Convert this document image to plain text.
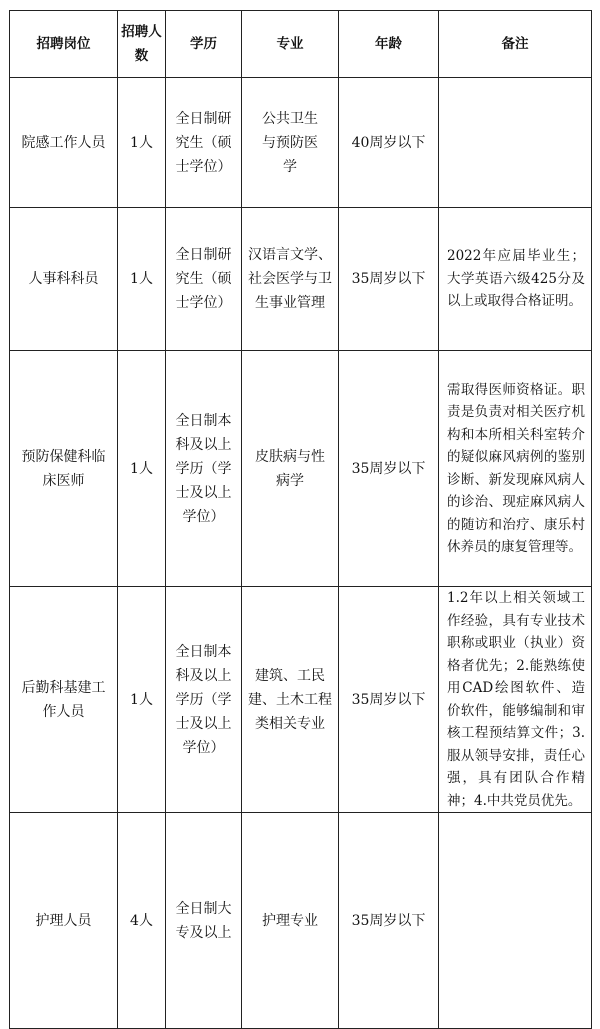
招聘岗位	招聘人数	学历	专业	年龄	备注
院感工作人员	1人	全日制研究生（硕士学位）	公共卫生与预防医学	40周岁以下	
人事科科员	1人	全日制研究生（硕士学位）	汉语言文学、社会医学与卫生事业管理	35周岁以下	2022年应届毕业生；大学英语六级425分及以上或取得合格证明。
预防保健科临床医师	1人	全日制本科及以上学历（学士及以上学位）	皮肤病与性病学	35周岁以下	需取得医师资格证。职责是负责对相关医疗机构和本所相关科室转介的疑似麻风病例的鉴别诊断、新发现麻风病人的诊治、现症麻风病人的随访和治疗、康乐村休养员的康复管理等。
后勤科基建工作人员	1人	全日制本科及以上学历（学士及以上学位）	建筑、工民建、土木工程类相关专业	35周岁以下	1.2年以上相关领域工作经验，具有专业技术职称或职业（执业）资格者优先；2.能熟练使用CAD绘图软件、造价软件，能够编制和审核工程预结算文件；3.服从领导安排，责任心强，具有团队合作精神；4.中共党员优先。
护理人员	4人	全日制大专及以上	护理专业	35周岁以下	
